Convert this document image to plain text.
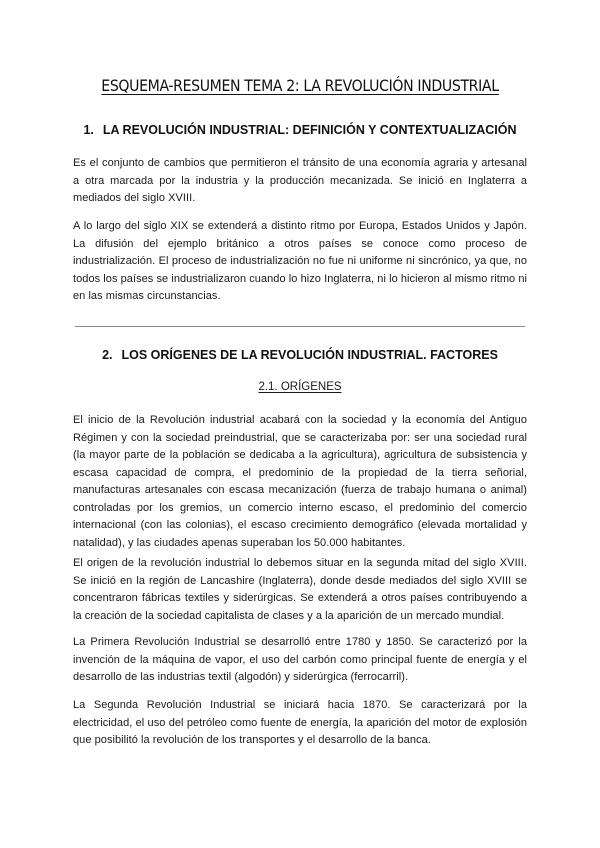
ESQUEMA-RESUMEN TEMA 2: LA REVOLUCIÓN INDUSTRIAL
1. LA REVOLUCIÓN INDUSTRIAL: DEFINICIÓN Y CONTEXTUALIZACIÓN

Es el conjunto de cambios que permitieron el tránsito de una economía agraria y artesanal a otra marcada por la industria y la producción mecanizada. Se inició en Inglaterra a mediados del siglo XVIII.

A lo largo del siglo XIX se extenderá a distinto ritmo por Europa, Estados Unidos y Japón. La difusión del ejemplo británico a otros países se conoce como proceso de industrialización. El proceso de industrialización no fue ni uniforme ni sincrónico, ya que, no todos los países se industrializaron cuando lo hizo Inglaterra, ni lo hicieron al mismo ritmo ni en las mismas circunstancias.

2. LOS ORÍGENES DE LA REVOLUCIÓN INDUSTRIAL. FACTORES
2.1. ORÍGENES

El inicio de la Revolución industrial acabará con la sociedad y la economía del Antiguo Régimen y con la sociedad preindustrial, que se caracterizaba por: ser una sociedad rural (la mayor parte de la población se dedicaba a la agricultura), agricultura de subsistencia y escasa capacidad de compra, el predominio de la propiedad de la tierra señorial, manufacturas artesanales con escasa mecanización (fuerza de trabajo humana o animal) controladas por los gremios, un comercio interno escaso, el predominio del comercio internacional (con las colonias), el escaso crecimiento demográfico (elevada mortalidad y natalidad), y las ciudades apenas superaban los 50.000 habitantes.

El origen de la revolución industrial lo debemos situar en la segunda mitad del siglo XVIII. Se inició en la región de Lancashire (Inglaterra), donde desde mediados del siglo XVIII se concentraron fábricas textiles y siderúrgicas. Se extenderá a otros países contribuyendo a la creación de la sociedad capitalista de clases y a la aparición de un mercado mundial.

La Primera Revolución Industrial se desarrolló entre 1780 y 1850. Se caracterizó por la invención de la máquina de vapor, el uso del carbón como principal fuente de energía y el desarrollo de las industrias textil (algodón) y siderúrgica (ferrocarril).

La Segunda Revolución Industrial se iniciará hacia 1870. Se caracterizará por la electricidad, el uso del petróleo como fuente de energía, la aparición del motor de explosión que posibilitó la revolución de los transportes y el desarrollo de la banca.
